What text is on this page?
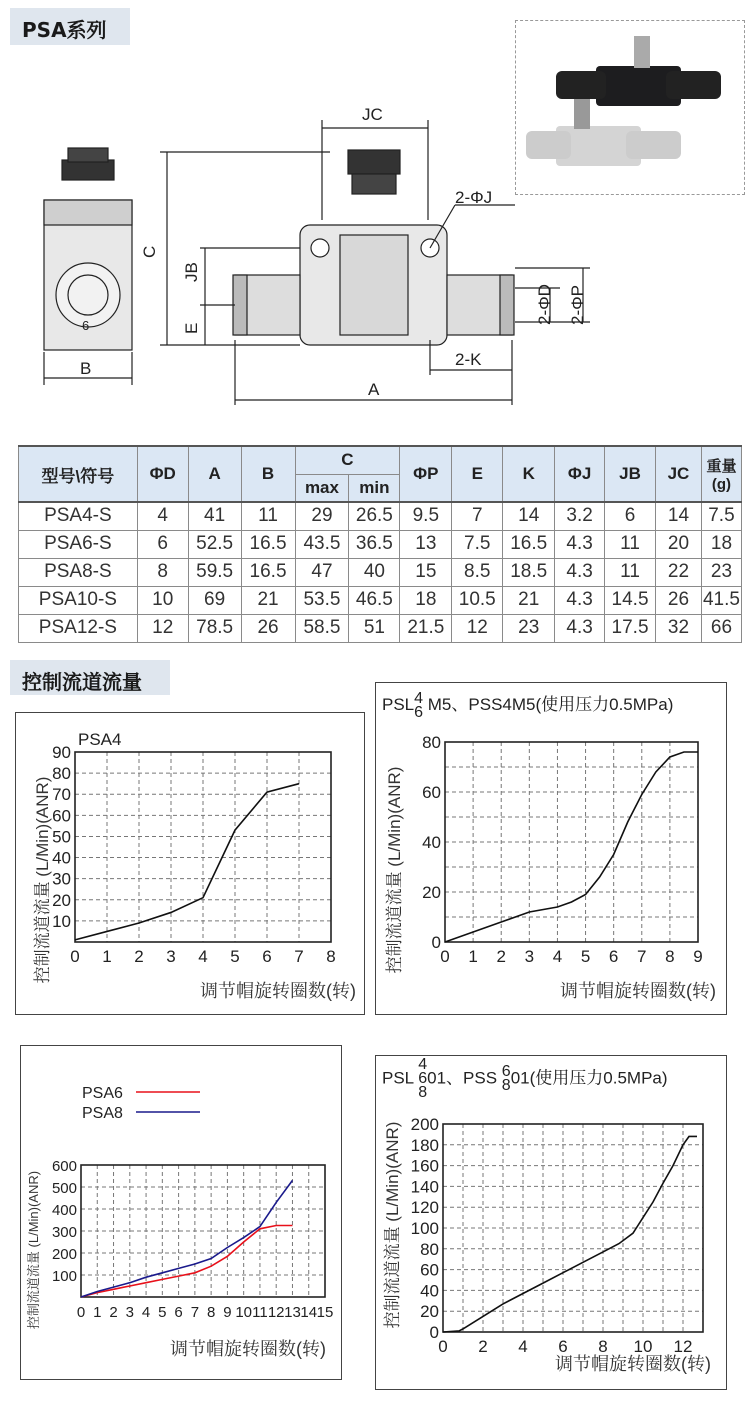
PSA系列
JC
2-ΦJ
C
JB
E
B
2-ΦD 2-ΦP
2-K
A
6
型号\符号	ΦD	A	B	C		ΦP	E	K	ΦJ	JB	JC	重量(g)
				max	min							
PSA4-S	4	41	11	29	26.5	9.5	7	14	3.2	6	14	7.5
PSA6-S	6	52.5	16.5	43.5	36.5	13	7.5	16.5	4.3	11	20	18
PSA8-S	8	59.5	16.5	47	40	15	8.5	18.5	4.3	11	22	23
PSA10-S	10	69	21	53.5	46.5	18	10.5	21	4.3	14.5	26	41.5
PSA12-S	12	78.5	26	58.5	51	21.5	12	23	4.3	17.5	32	66
控制流道流量
PSL4
6 M5、PSS4M5(使用压力0.5MPa)
PSL 4
6
801、PSS 6
801(使用压力0.5MPa)
0 1 2 3 4 5 6 7 8
10
20
30
40
50
60
70
80
90
调节帽旋转圈数(转)
控制流道流量 (L/Min)(ANR)
PSA4
0 1 2 3 4 5 6 7 8 9
0
20
40
60
80
调节帽旋转圈数(转)
控制流道流量 (L/Min)(ANR)
0 1 2 3 4 5 6 7 8 9 10 11 12 13 14 15
100
200
300
400
500
600
调节帽旋转圈数(转)
控制流道流量 (L/Min)(ANR)
PSA6
PSA8
0 2 4 6 8 10 12
0
20
40
60
80
100
120
140
160
180
200
调节帽旋转圈数(转)
控制流道流量 (L/Min)(ANR)
